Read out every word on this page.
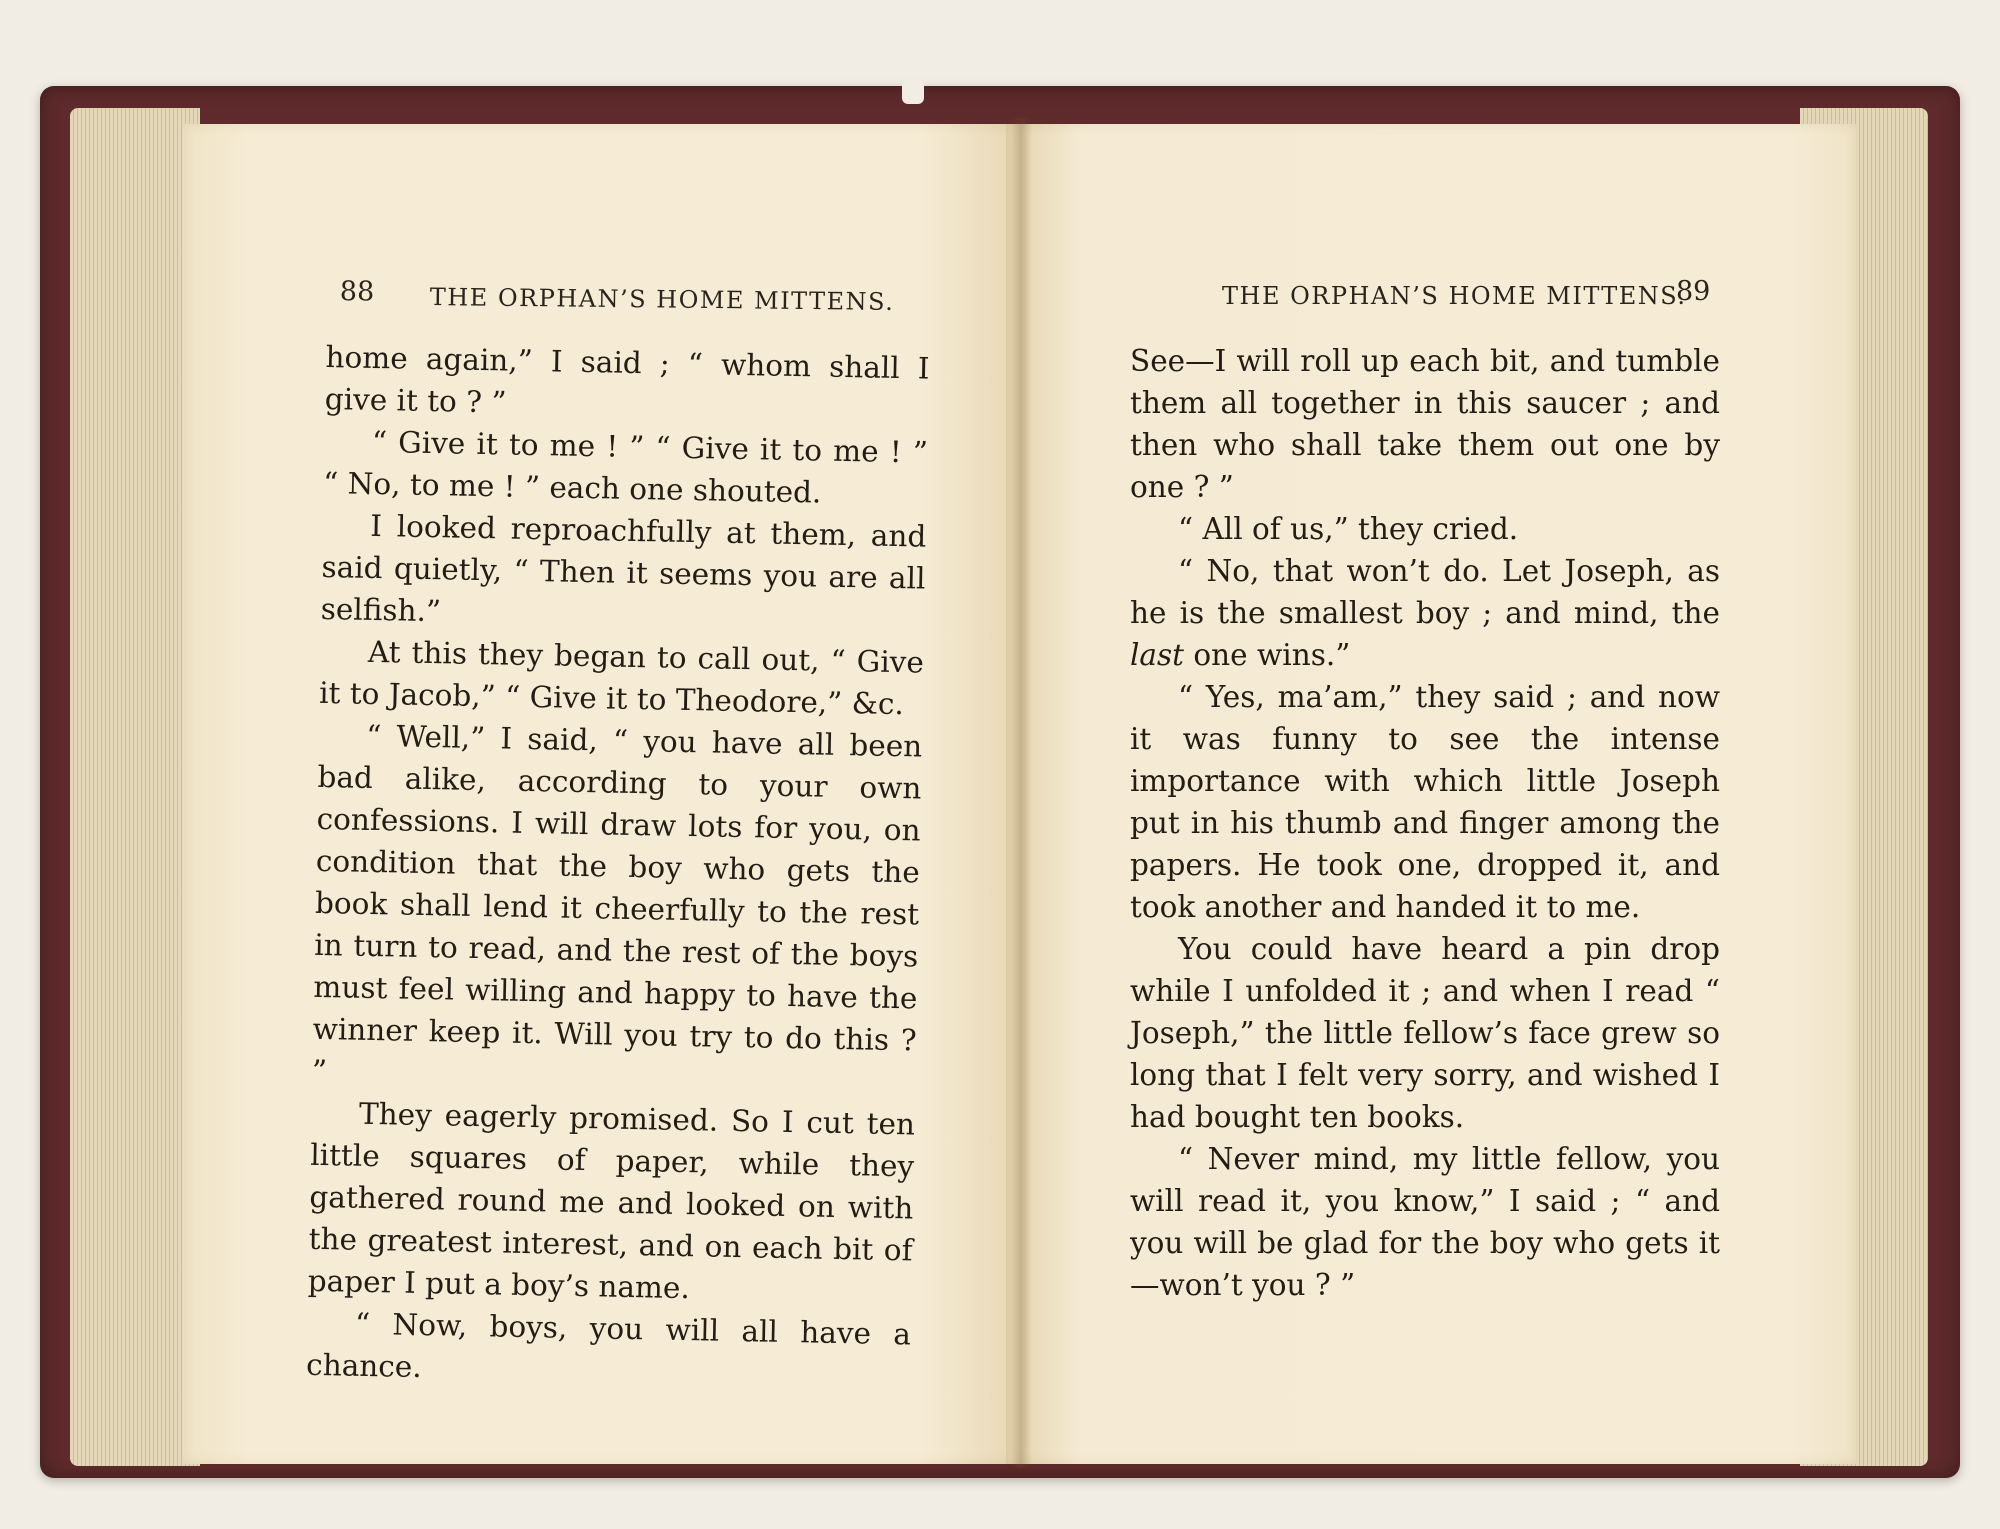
88 THE ORPHAN’S HOME MITTENS.	THE ORPHAN’S HOME MITTENS.
89

home again,” I said ; “ whom shall I give it to ? ”

“ Give it to me ! ” “ Give it to me ! ” “ No, to me ! ” each one shouted.

I looked reproachfully at them, and said quietly, “ Then it seems you are all selfish.”

At this they began to call out, “ Give it to Jacob,” “ Give it to Theodore,” &c.

“ Well,” I said, “ you have all been bad alike, according to your own confessions. I will draw lots for you, on condition that the boy who gets the book shall lend it cheerfully to the rest in turn to read, and the rest of the boys must feel willing and happy to have the winner keep it. Will you try to do this ? ”

They eagerly promised. So I cut ten little squares of paper, while they gathered round me and looked on with the greatest interest, and on each bit of paper I put a boy’s name.

“ Now, boys, you will all have a chance.

See—I will roll up each bit, and tumble them all together in this saucer ; and then who shall take them out one by one ? ”

“ All of us,” they cried.

“ No, that won’t do. Let Joseph, as he is the smallest boy ; and mind, the last one wins.”

“ Yes, ma’am,” they said ; and now it was funny to see the intense importance with which little Joseph put in his thumb and finger among the papers. He took one, dropped it, and took another and handed it to me.

You could have heard a pin drop while I unfolded it ; and when I read “ Joseph,” the little fellow’s face grew so long that I felt very sorry, and wished I had bought ten books.

“ Never mind, my little fellow, you will read it, you know,” I said ; “ and you will be glad for the boy who gets it—won’t you ? ”
